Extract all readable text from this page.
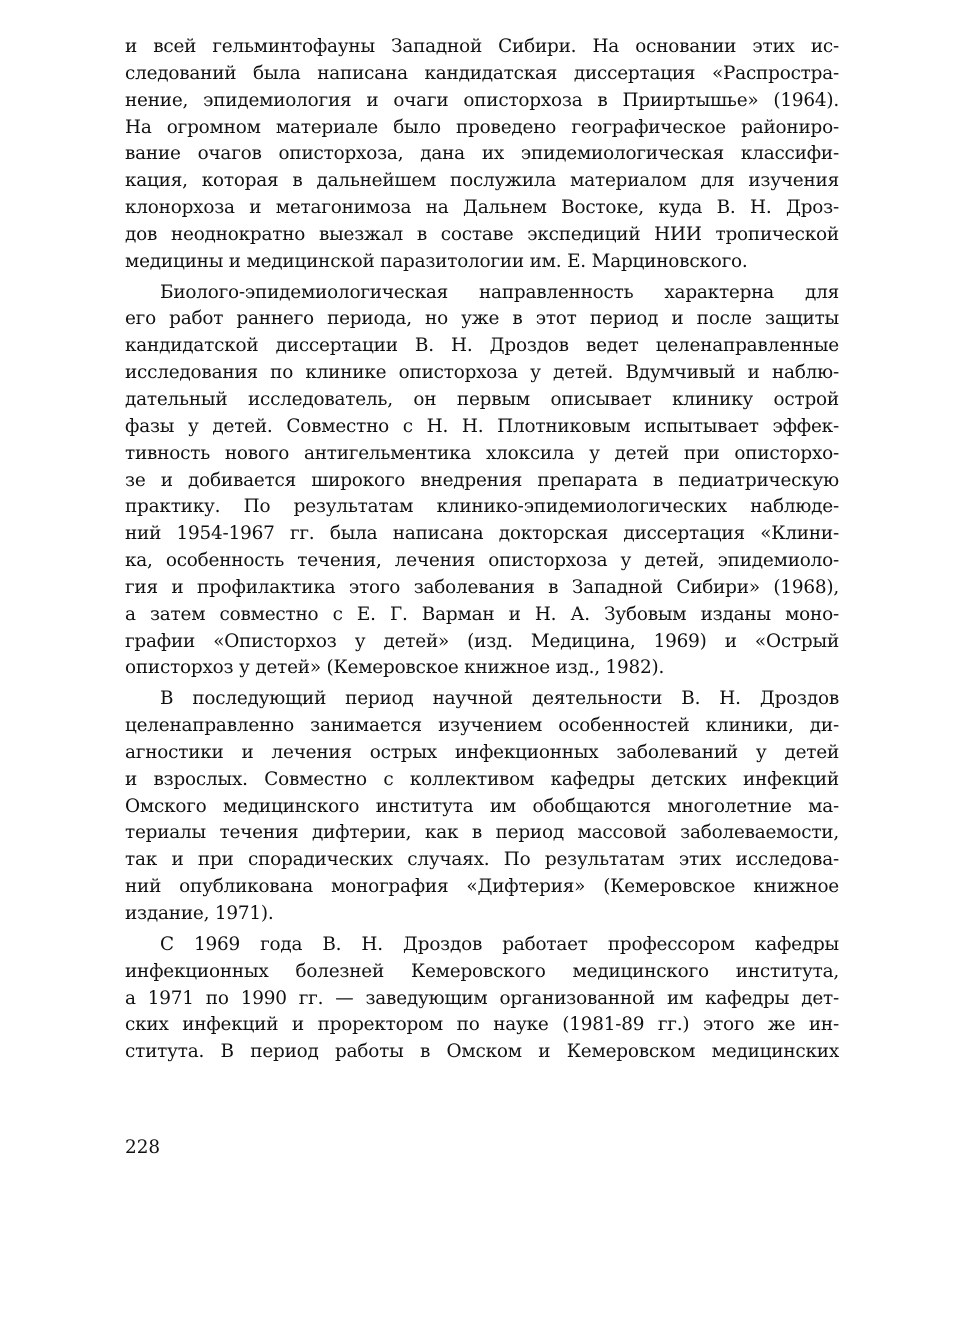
и всей гельминтофауны Западной Сибири. На основании этих ис-
следований была написана кандидатская диссертация «Распростра-
нение, эпидемиология и очаги описторхоза в Прииртышье» (1964).
На огромном материале было проведено географическое райониро-
вание очагов описторхоза, дана их эпидемиологическая классифи-
кация, которая в дальнейшем послужила материалом для изучения
клонорхоза и метагонимоза на Дальнем Востоке, куда В. Н. Дроз-
дов неоднократно выезжал в составе экспедиций НИИ тропической
медицины и медицинской паразитологии им. Е. Марциновского.

Биолого-эпидемиологическая направленность характерна для
его работ раннего периода, но уже в этот период и после защиты
кандидатской диссертации В. Н. Дроздов ведет целенаправленные
исследования по клинике описторхоза у детей. Вдумчивый и наблю-
дательный исследователь, он первым описывает клинику острой
фазы у детей. Совместно с Н. Н. Плотниковым испытывает эффек-
тивность нового антигельментика хлоксила у детей при описторхо-
зе и добивается широкого внедрения препарата в педиатрическую
практику. По результатам клинико-эпидемиологических наблюде-
ний 1954-1967 гг. была написана докторская диссертация «Клини-
ка, особенность течения, лечения описторхоза у детей, эпидемиоло-
гия и профилактика этого заболевания в Западной Сибири» (1968),
а затем совместно с Е. Г. Варман и Н. А. Зубовым изданы моно-
графии «Описторхоз у детей» (изд. Медицина, 1969) и «Острый
описторхоз у детей» (Кемеровское книжное изд., 1982).

В последующий период научной деятельности В. Н. Дроздов
целенаправленно занимается изучением особенностей клиники, ди-
агностики и лечения острых инфекционных заболеваний у детей
и взрослых. Совместно с коллективом кафедры детских инфекций
Омского медицинского института им обобщаются многолетние ма-
териалы течения дифтерии, как в период массовой заболеваемости,
так и при спорадических случаях. По результатам этих исследова-
ний опубликована монография «Дифтерия» (Кемеровское книжное
издание, 1971).

С 1969 года В. Н. Дроздов работает профессором кафедры
инфекционных болезней Кемеровского медицинского института,
а 1971 по 1990 гг. — заведующим организованной им кафедры дет-
ских инфекций и проректором по науке (1981-89 гг.) этого же ин-
ститута. В период работы в Омском и Кемеровском медицинских

228
